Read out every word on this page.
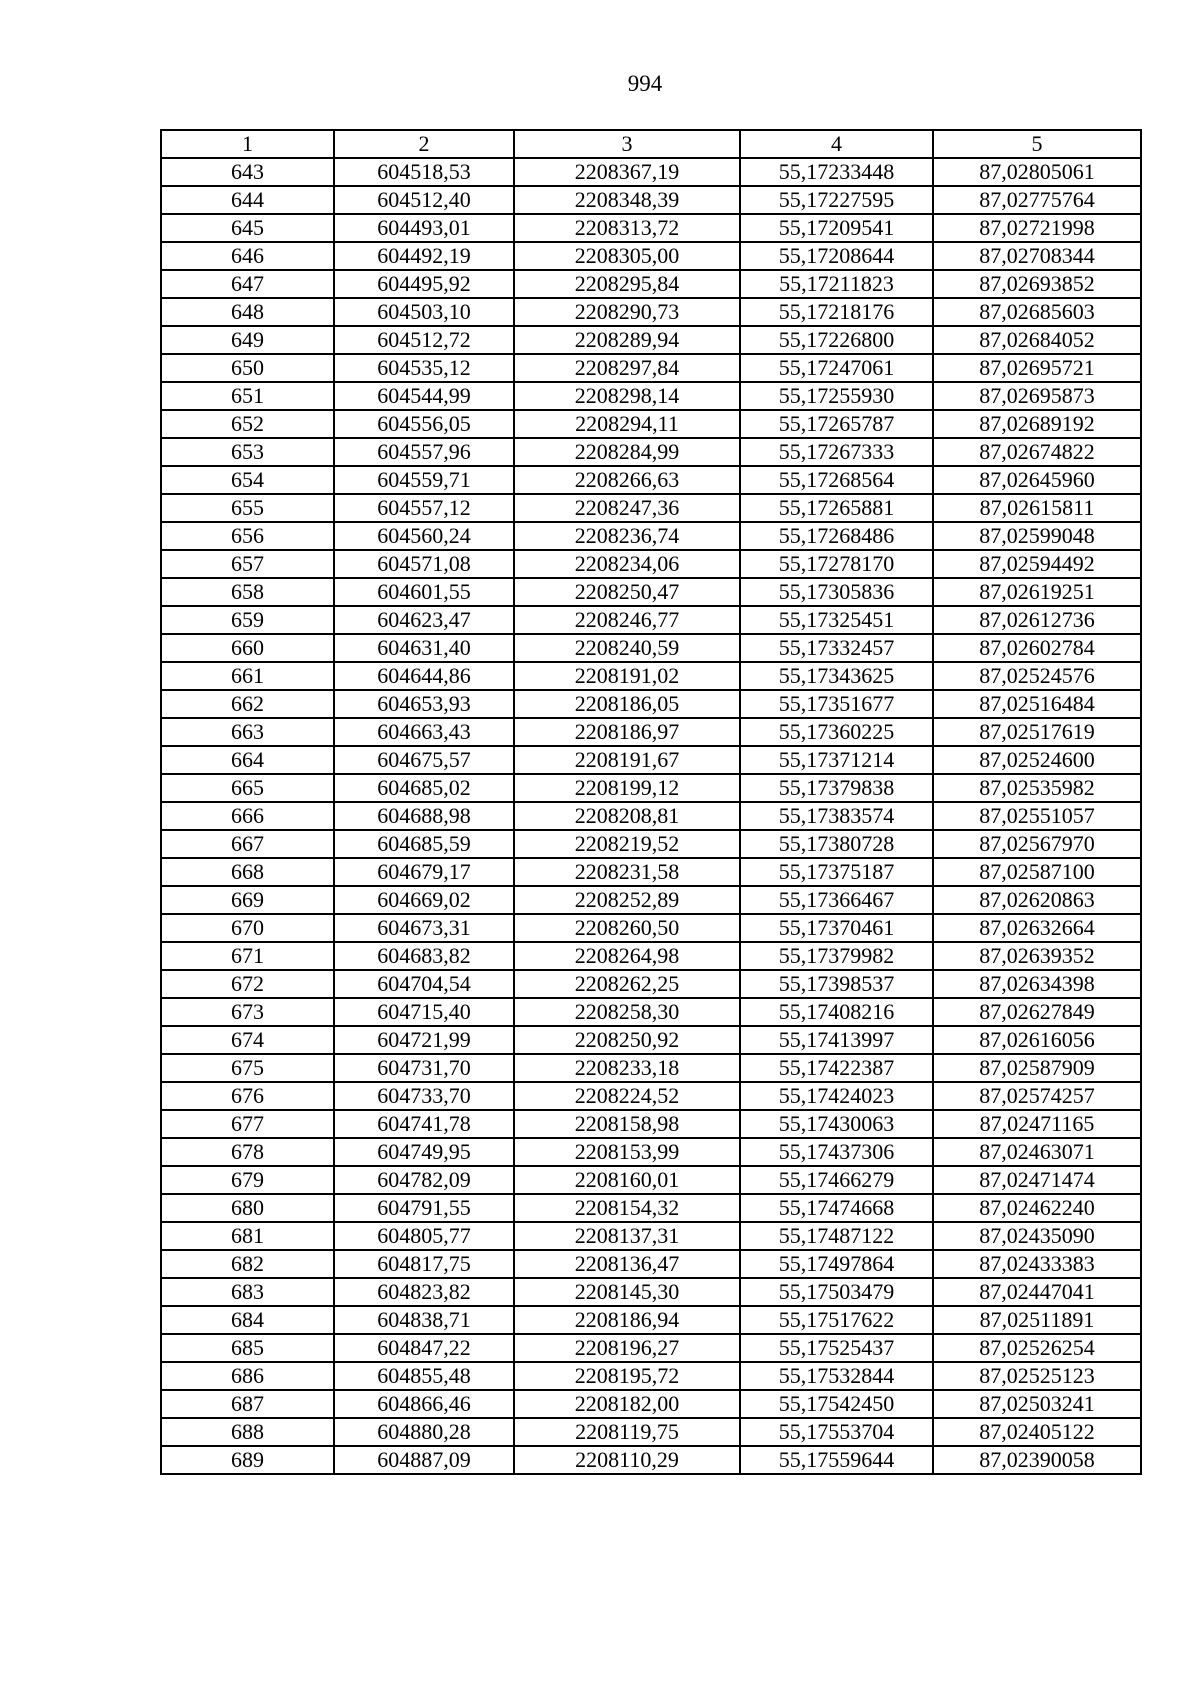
994
1	2	3	4	5
643	604518,53	2208367,19	55,17233448	87,02805061
644	604512,40	2208348,39	55,17227595	87,02775764
645	604493,01	2208313,72	55,17209541	87,02721998
646	604492,19	2208305,00	55,17208644	87,02708344
647	604495,92	2208295,84	55,17211823	87,02693852
648	604503,10	2208290,73	55,17218176	87,02685603
649	604512,72	2208289,94	55,17226800	87,02684052
650	604535,12	2208297,84	55,17247061	87,02695721
651	604544,99	2208298,14	55,17255930	87,02695873
652	604556,05	2208294,11	55,17265787	87,02689192
653	604557,96	2208284,99	55,17267333	87,02674822
654	604559,71	2208266,63	55,17268564	87,02645960
655	604557,12	2208247,36	55,17265881	87,02615811
656	604560,24	2208236,74	55,17268486	87,02599048
657	604571,08	2208234,06	55,17278170	87,02594492
658	604601,55	2208250,47	55,17305836	87,02619251
659	604623,47	2208246,77	55,17325451	87,02612736
660	604631,40	2208240,59	55,17332457	87,02602784
661	604644,86	2208191,02	55,17343625	87,02524576
662	604653,93	2208186,05	55,17351677	87,02516484
663	604663,43	2208186,97	55,17360225	87,02517619
664	604675,57	2208191,67	55,17371214	87,02524600
665	604685,02	2208199,12	55,17379838	87,02535982
666	604688,98	2208208,81	55,17383574	87,02551057
667	604685,59	2208219,52	55,17380728	87,02567970
668	604679,17	2208231,58	55,17375187	87,02587100
669	604669,02	2208252,89	55,17366467	87,02620863
670	604673,31	2208260,50	55,17370461	87,02632664
671	604683,82	2208264,98	55,17379982	87,02639352
672	604704,54	2208262,25	55,17398537	87,02634398
673	604715,40	2208258,30	55,17408216	87,02627849
674	604721,99	2208250,92	55,17413997	87,02616056
675	604731,70	2208233,18	55,17422387	87,02587909
676	604733,70	2208224,52	55,17424023	87,02574257
677	604741,78	2208158,98	55,17430063	87,02471165
678	604749,95	2208153,99	55,17437306	87,02463071
679	604782,09	2208160,01	55,17466279	87,02471474
680	604791,55	2208154,32	55,17474668	87,02462240
681	604805,77	2208137,31	55,17487122	87,02435090
682	604817,75	2208136,47	55,17497864	87,02433383
683	604823,82	2208145,30	55,17503479	87,02447041
684	604838,71	2208186,94	55,17517622	87,02511891
685	604847,22	2208196,27	55,17525437	87,02526254
686	604855,48	2208195,72	55,17532844	87,02525123
687	604866,46	2208182,00	55,17542450	87,02503241
688	604880,28	2208119,75	55,17553704	87,02405122
689	604887,09	2208110,29	55,17559644	87,02390058
